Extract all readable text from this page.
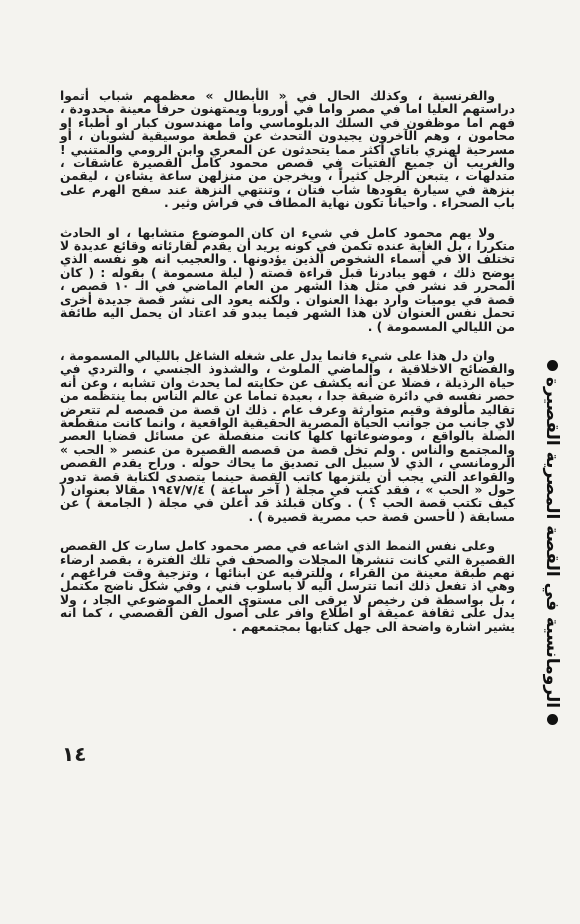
الرومانسية في القصة المصرية القصيرة

والفرنسية ، وكذلك الحال في « الأبطال » معظمهم شباب أتموا دراستهم العليا اما في مصر واما في أوروبا ويمتهنون حرفا معينة محدودة ، فهم اما موظفون في السلك الدبلوماسي واما مهندسون كبار او أطباء او محامون ، وهم الآخرون يجيدون التحدث عن قطعة موسيقية لشوبان ، أو مسرحية لهنري باتاي أكثر مما يتحدثون عن المعري وابن الرومي والمتنبي ! والغريب أن جميع الفتيات في قصص محمود كامل القصيرة عاشقات ، متدلهات ، يتبعن الرجل كثيراً ، ويخرجن من منزلهن ساعة يشاءن ، ليقمن بنزهة في سيارة يقودها شاب فتان ، وتنتهي النزهة عند سفح الهرم على باب الصحراء . واحيانا تكون نهاية المطاف في فراش وثير .

ولا يهم محمود كامل في شيء ان كان الموضوع متشابها ، او الحادث متكررا ، بل الغاية عنده تكمن في كونه يريد أن يقدم لقارئاته وقائع عديدة لا تختلف الا في أسماء الشخوص الذين يؤدونها . والعجيب انه هو نفسه الذي يوضح ذلك ، فهو يبادرنا قبل قراءة قصته ( ليلة مسمومة ) بقوله : ( كان المحرر قد نشر في مثل هذا الشهر من العام الماضي في الـ ١٠ قصص ، قصة في يوميات وارد بهذا العنوان . ولكنه يعود الى نشر قصة جديدة أخرى تحمل نفس العنوان لان هذا الشهر فيما يبدو قد اعتاد ان يحمل اليه طائفة من الليالي المسمومة ) .

وان دل هذا على شيء فانما يدل على شغله الشاغل بالليالي المسمومة ، والفضائح الاخلاقية ، والماضي الملوث ، والشذوذ الجنسي ، والتردي في حياة الرذيلة ، فضلا عن أنه يكشف عن حكايته لما يحدث وان تشابه ، وعن أنه حصر نفسه في دائرة ضيقة جدا ، بعيدة تماما عن عالم الناس بما ينتظمه من تقاليد مألوفة وقيم متوارثة وعرف عام . ذلك ان قصة من قصصه لم تتعرض لاي جانب من جوانب الحياة المصرية الحقيقية الواقعية ، وانما كانت منقطعة الصلة بالواقع ، وموضوعاتها كلها كانت منفصلة عن مسائل قضايا العصر والمجتمع والناس . ولم تخل قصة من قصصه القصيرة من عنصر « الحب » الرومانسي ، الذي لا سبيل الى تصديق ما يحاك حوله . وراح يقدم القصص والقواعد التي يجب أن يلتزمها كاتب القصة حينما يتصدى لكتابة قصة تدور حول « الحب » ، فقد كتب في مجلة ( آخر ساعة ) ١٩٤٧/٧/٤ مقالا بعنوان ( كيف تكتب قصة الحب ؟ ) . وكان قبلئذ قد أعلن في مجلة ( الجامعة ) عن مسابقة ( لأحسن قصة حب مصرية قصيرة ) .

وعلى نفس النمط الذي اشاعه في مصر محمود كامل سارت كل القصص القصيرة التي كانت تنشرها المجلات والصحف في تلك الفترة ، بقصد ارضاء نهم طبقة معينة من القراء ، وللترفيه عن ابنائها ، وتزجية وقت فراغهم ، وهي اذ تفعل ذلك انما تترسل اليه لا باسلوب فني ، وفي شكل ناضج مكتمل ، بل بواسطة فن رخيص لا يرقى الى مستوى العمل الموضوعي الجاد ، ولا يدل على ثقافة عميقة أو اطلاع وافر على أصول الفن القصصي ، كما انه يشير اشارة واضحة الى جهل كتابها بمجتمعهم .

١٤
